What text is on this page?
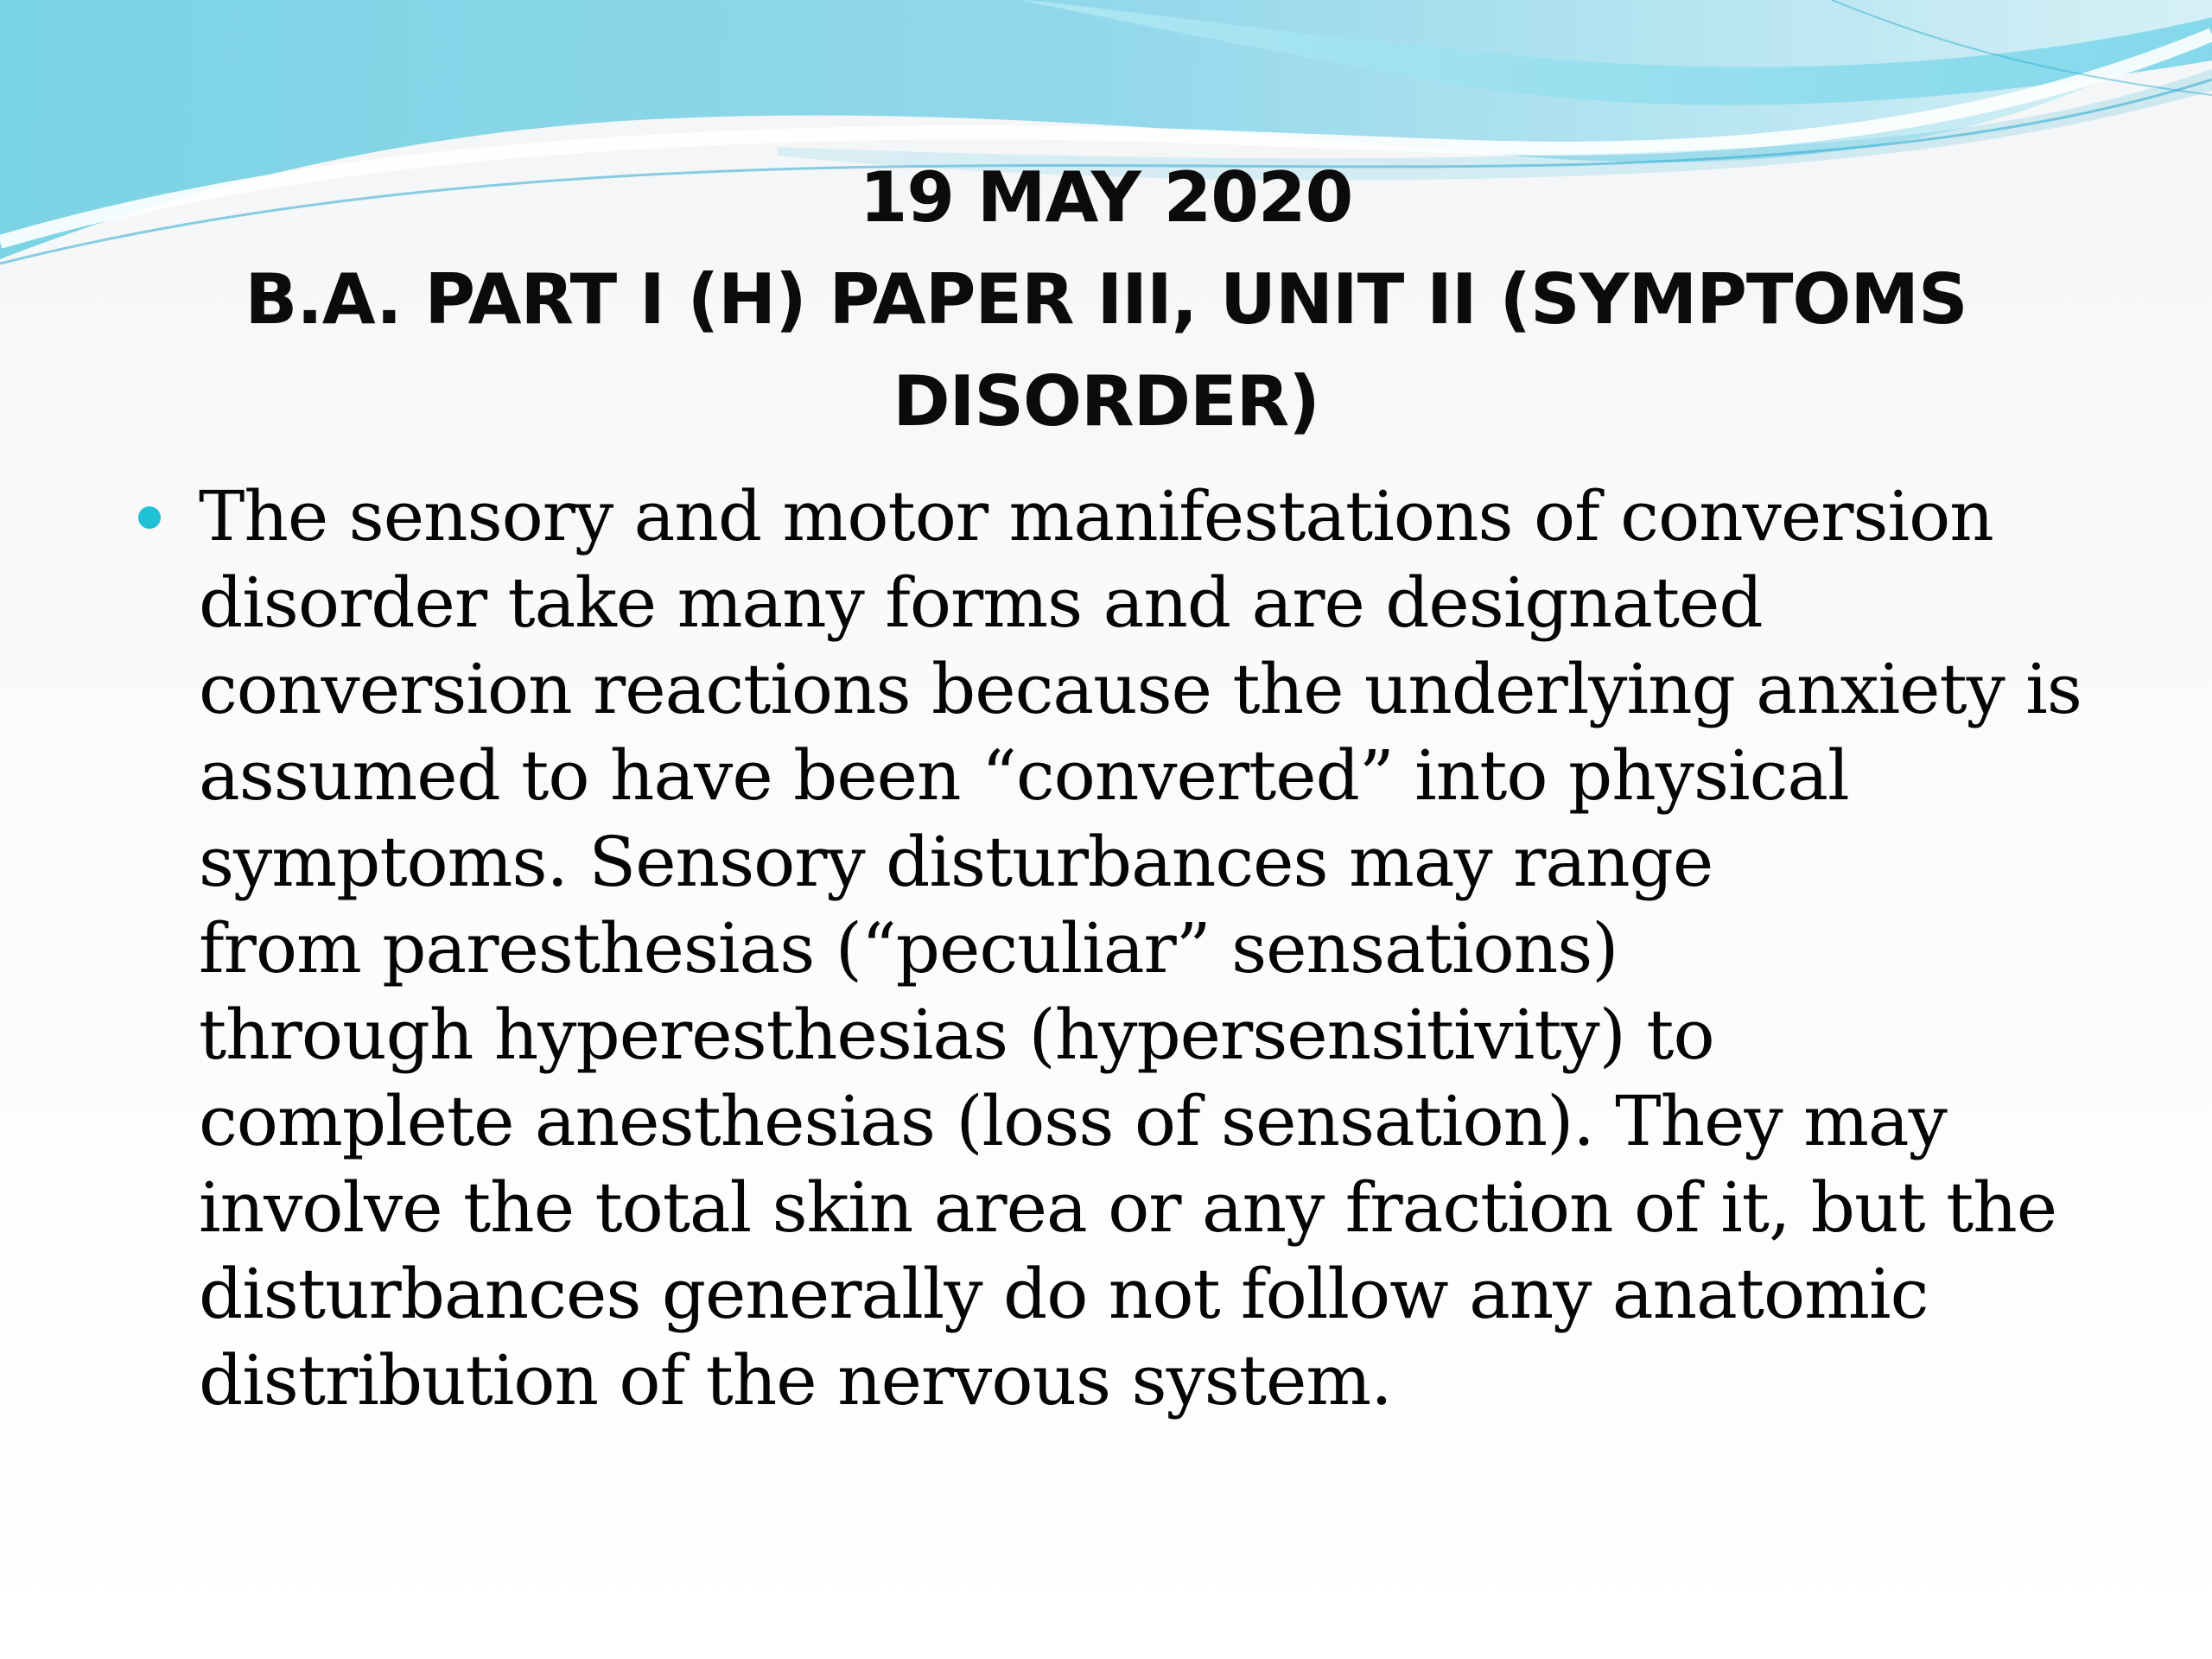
19 MAY 2020
B.A. PART I (H) PAPER III, UNIT II (SYMPTOMS
DISORDER)
The sensory and motor manifestations of conversion
disorder take many forms and are designated
conversion reactions because the underlying anxiety is
assumed to have been “converted” into physical
symptoms. Sensory disturbances may range
from paresthesias (“peculiar” sensations)
through hyperesthesias (hypersensitivity) to
complete anesthesias (loss of sensation). They may
involve the total skin area or any fraction of it, but the
disturbances generally do not follow any anatomic
distribution of the nervous system.
